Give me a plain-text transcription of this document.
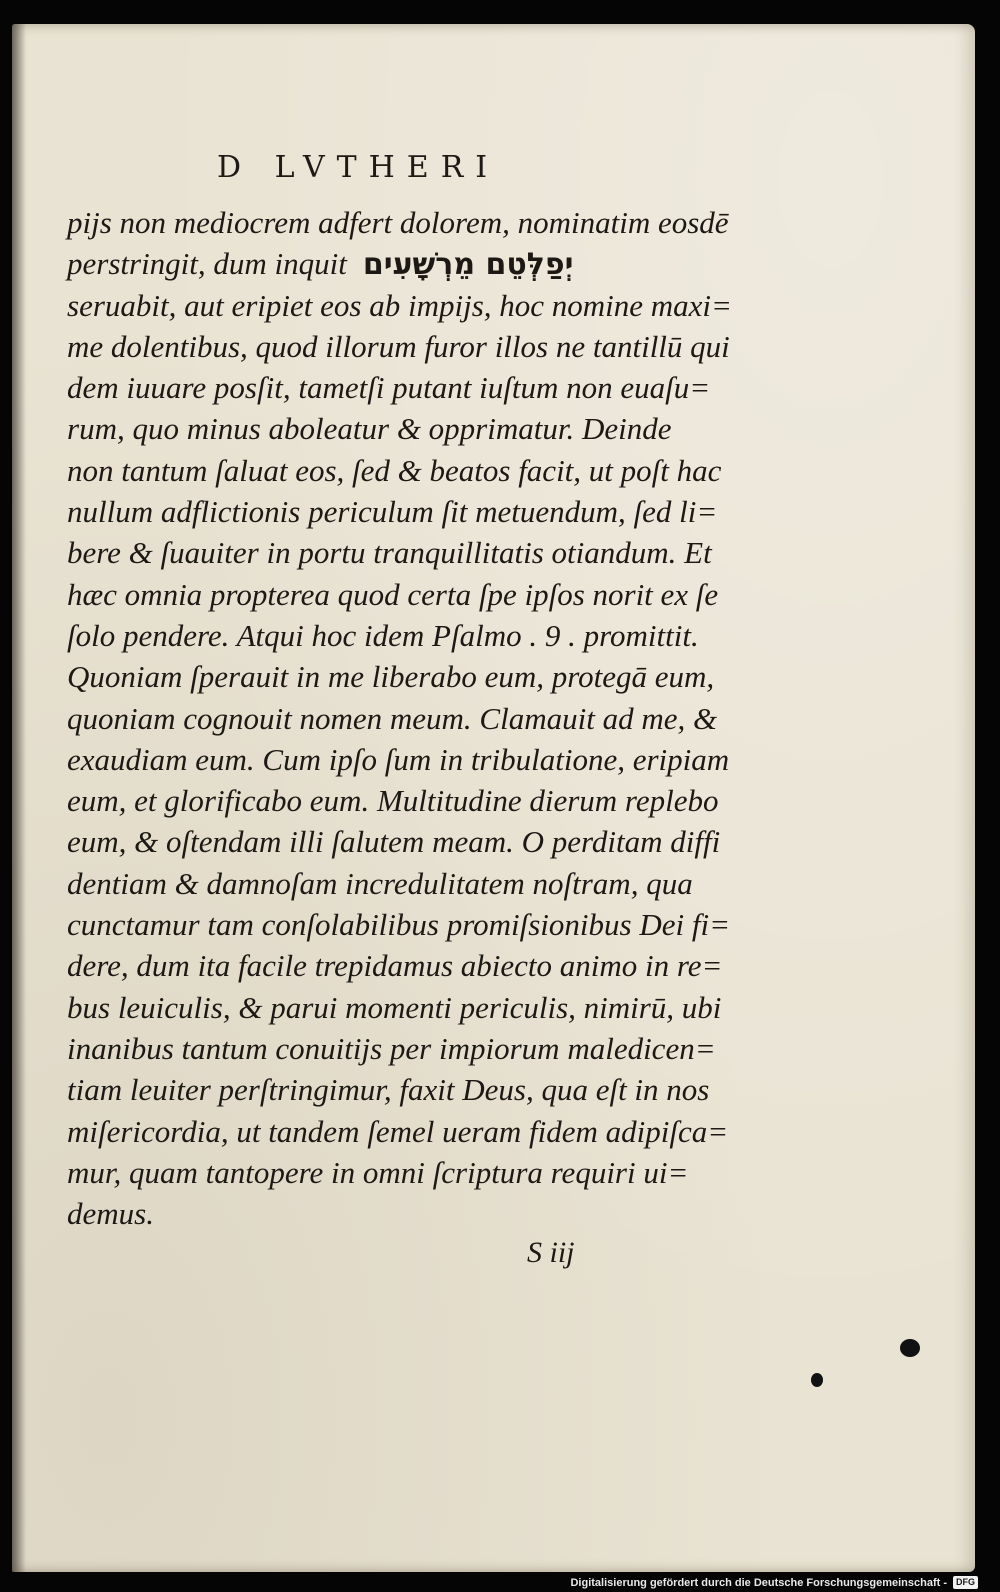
D LVTHERI
pijs non mediocrem adfert dolorem, nominatim eosdē
perstringit, dum inquit יְפַלְּטֵם מֵרְשָׁעִים
seruabit, aut eripiet eos ab impijs, hoc nomine maxi=
me dolentibus, quod illorum furor illos ne tantillū qui
dem iuuare posſit, tametſi putant iuſtum non euaſu=
rum, quo minus aboleatur & opprimatur. Deinde
non tantum ſaluat eos, ſed & beatos facit, ut poſt hac
nullum adflictionis periculum ſit metuendum, ſed li=
bere & ſuauiter in portu tranquillitatis otiandum. Et
hæc omnia propterea quod certa ſpe ipſos norit ex ſe
ſolo pendere. Atqui hoc idem Pſalmo . 9 . promittit.
Quoniam ſperauit in me liberabo eum, protegā eum,
quoniam cognouit nomen meum. Clamauit ad me, &
exaudiam eum. Cum ipſo ſum in tribulatione, eripiam
eum, et glorificabo eum. Multitudine dierum replebo
eum, & oſtendam illi ſalutem meam. O perditam diffi
dentiam & damnoſam incredulitatem noſtram, qua
cunctamur tam conſolabilibus promiſsionibus Dei fi=
dere, dum ita facile trepidamus abiecto animo in re=
bus leuiculis, & parui momenti periculis, nimirū, ubi
inanibus tantum conuitijs per impiorum maledicen=
tiam leuiter perſtringimur, faxit Deus, qua eſt in nos
miſericordia, ut tandem ſemel ueram fidem adipiſca=
mur, quam tantopere in omni ſcriptura requiri ui=
demus.
S iij
Digitalisierung gefördert durch die Deutsche Forschungsgemeinschaft -	DFG
